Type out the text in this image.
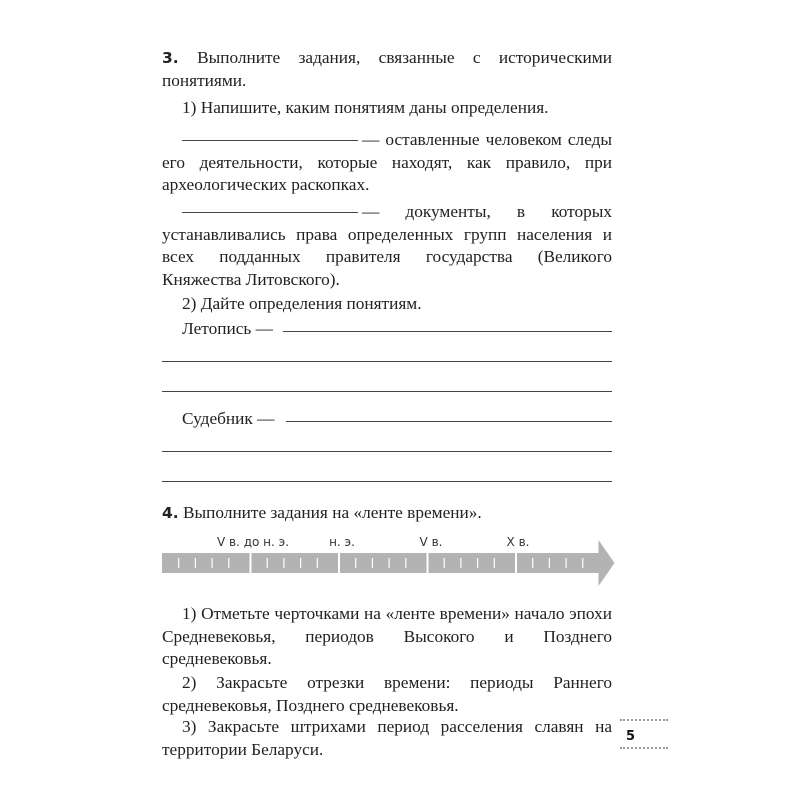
3. Выполните задания, связанные с историческими понятиями.

1) Напишите, каким понятиям даны определения.

— оставленные человеком следы его деятельности, которые находят, как правило, при археологических раскопках.

— документы, в которых устанавливались права определенных групп населения и всех подданных правителя государства (Великого Княжества Литовского).

2) Дайте определения понятиям.

Летопись —

Судебник —

4. Выполните задания на «ленте времени».

V в. до н. э.	н. э.	V в.	X в.

1) Отметьте черточками на «ленте времени» начало эпохи Средневековья, периодов Высокого и Позднего средневековья.

2) Закрасьте отрезки времени: периоды Раннего средневековья, Позднего средневековья.

3) Закрасьте штрихами период расселения славян на территории Беларуси.

5
